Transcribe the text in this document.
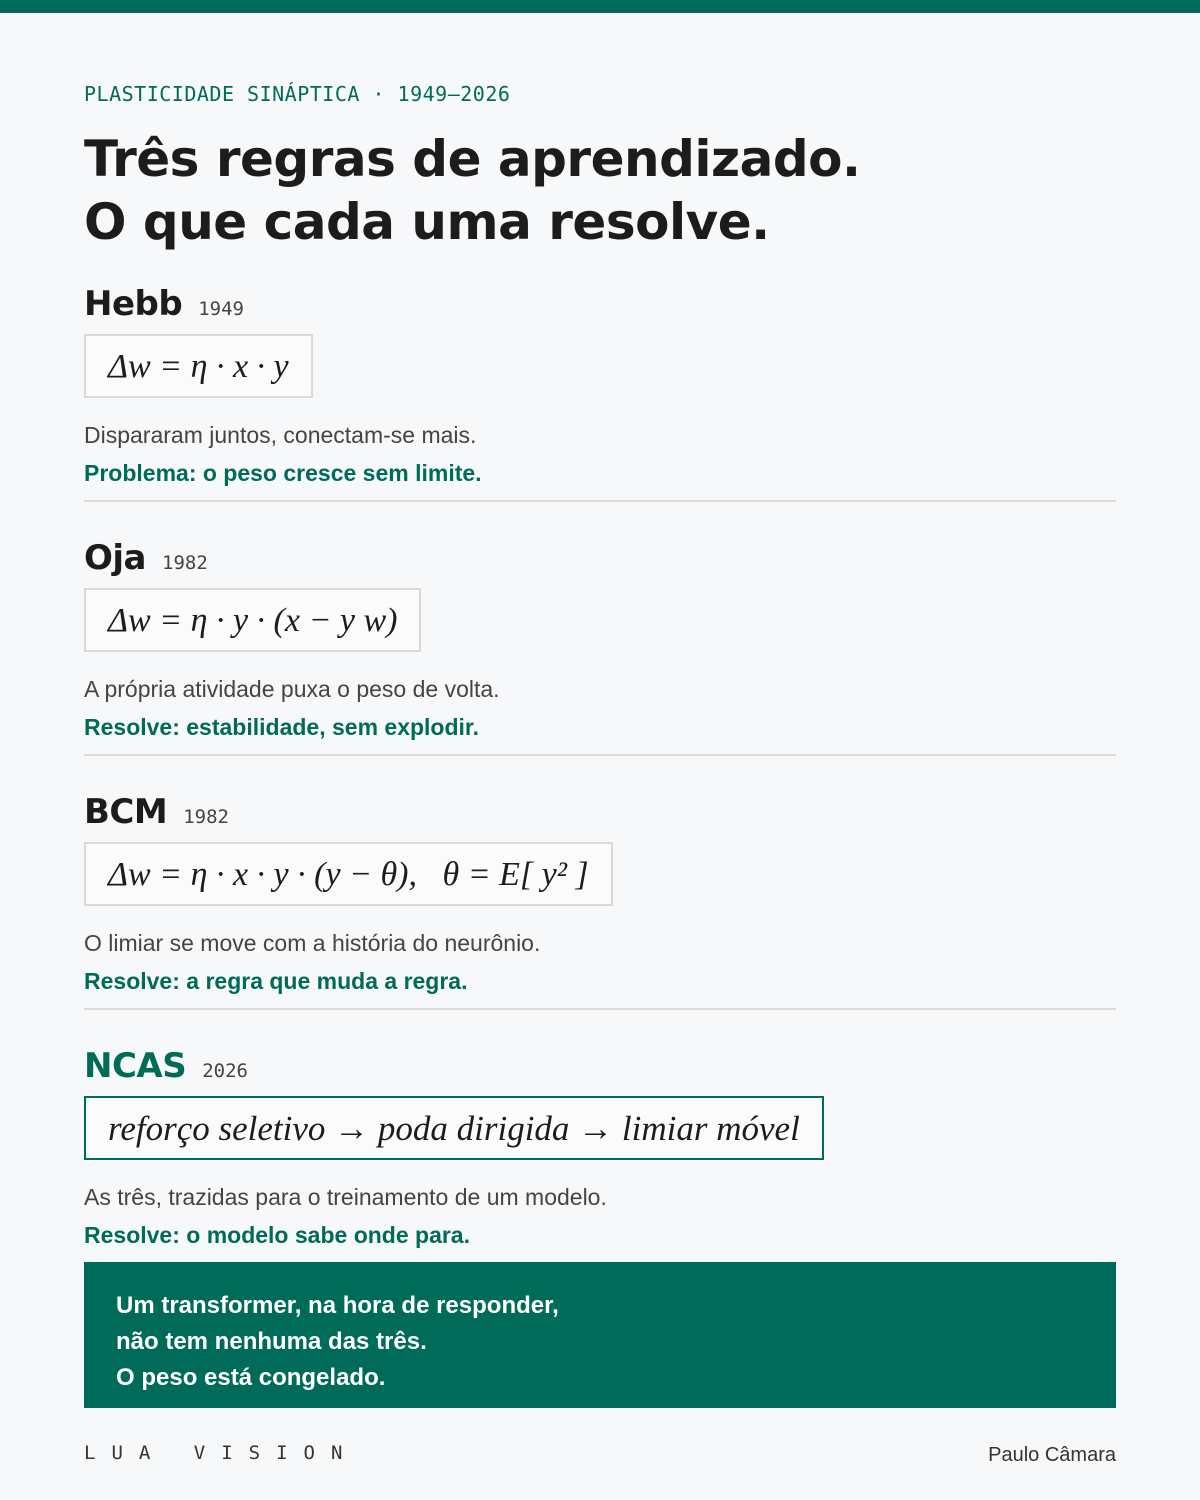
PLASTICIDADE SINÁPTICA · 1949—2026
Três regras de aprendizado.
O que cada uma resolve.
Hebb 1949
Δw = η · x · y
Dispararam juntos, conectam-se mais.
Problema: o peso cresce sem limite.
Oja 1982
Δw = η · y · (x − y w)
A própria atividade puxa o peso de volta.
Resolve: estabilidade, sem explodir.
BCM 1982
Δw = η · x · y · (y − θ),   θ = E[ y² ]
O limiar se move com a história do neurônio.
Resolve: a regra que muda a regra.
NCAS 2026
reforço seletivo → poda dirigida → limiar móvel
As três, trazidas para o treinamento de um modelo.
Resolve: o modelo sabe onde para.
Um transformer, na hora de responder,
não tem nenhuma das três.
O peso está congelado.
LUA VISION	Paulo Câmara
